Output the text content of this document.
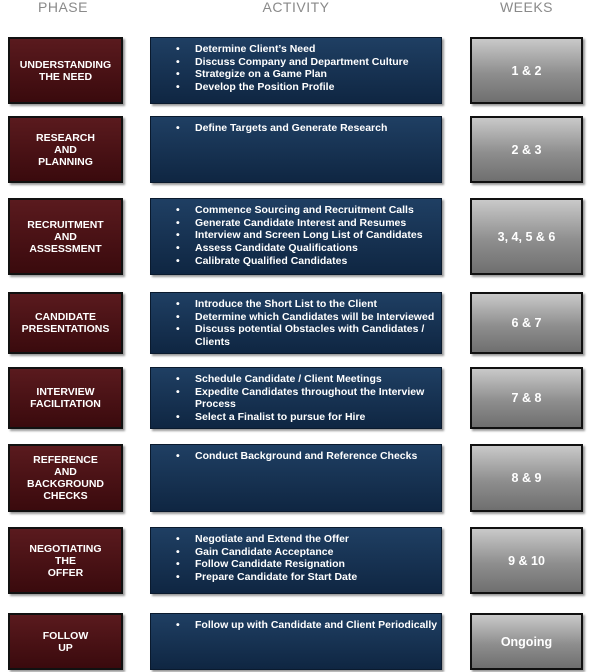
PHASE	ACTIVITY	WEEKS
UNDERSTANDING
THE NEED
• Determine Client’s Need
• Discuss Company and Department Culture
• Strategize on a Game Plan
• Develop the Position Profile
1 & 2
RESEARCH
AND
PLANNING
• Define Targets and Generate Research
2 & 3
RECRUITMENT
AND
ASSESSMENT
• Commence Sourcing and Recruitment Calls
• Generate Candidate Interest and Resumes
• Interview and Screen Long List of Candidates
• Assess Candidate Qualifications
• Calibrate Qualified Candidates
3, 4, 5 & 6
CANDIDATE
PRESENTATIONS
• Introduce the Short List to the Client
• Determine which Candidates will be Interviewed
• Discuss potential Obstacles with Candidates / Clients
6 & 7
INTERVIEW
FACILITATION
• Schedule Candidate / Client Meetings
• Expedite Candidates throughout the Interview Process
• Select a Finalist to pursue for Hire
7 & 8
REFERENCE
AND
BACKGROUND
CHECKS
• Conduct Background and Reference Checks
8 & 9
NEGOTIATING
THE
OFFER
• Negotiate and Extend the Offer
• Gain Candidate Acceptance
• Follow Candidate Resignation
• Prepare Candidate for Start Date
9 & 10
FOLLOW
UP
• Follow up with Candidate and Client Periodically
Ongoing
